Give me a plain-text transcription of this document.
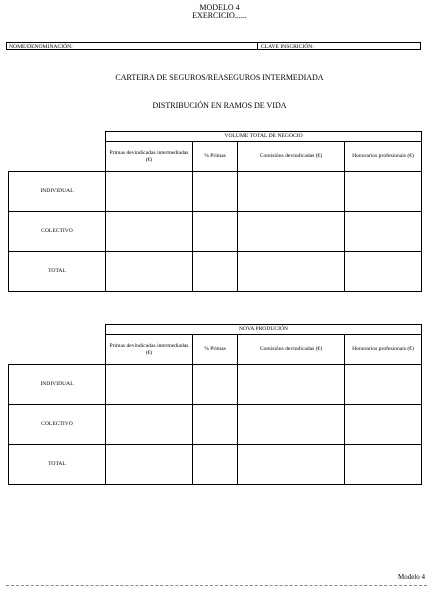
MODELO 4
EXERCICIO......
NOME/DENOMINACIÓN:	CLAVE INSCRICIÓN:
CARTEIRA DE SEGUROS/REASEGUROS INTERMEDIADA
DISTRIBUCIÓN EN RAMOS DE VIDA
	VOLUME TOTAL DE NEGOCIO			
	Primas devindicadas intermediadas (€)	% Primas	Comisións devindicadas (€)	Honorarios profesionais (€)
INDIVIDUAL				
COLECTIVO				
TOTAL				
	NOVA PRODUCIÓN			
	Primas devindicadas intermediadas (€)	% Primas	Comisións devindicadas (€)	Honorarios profesionais (€)
INDIVIDUAL				
COLECTIVO				
TOTAL				
Modelo 4
